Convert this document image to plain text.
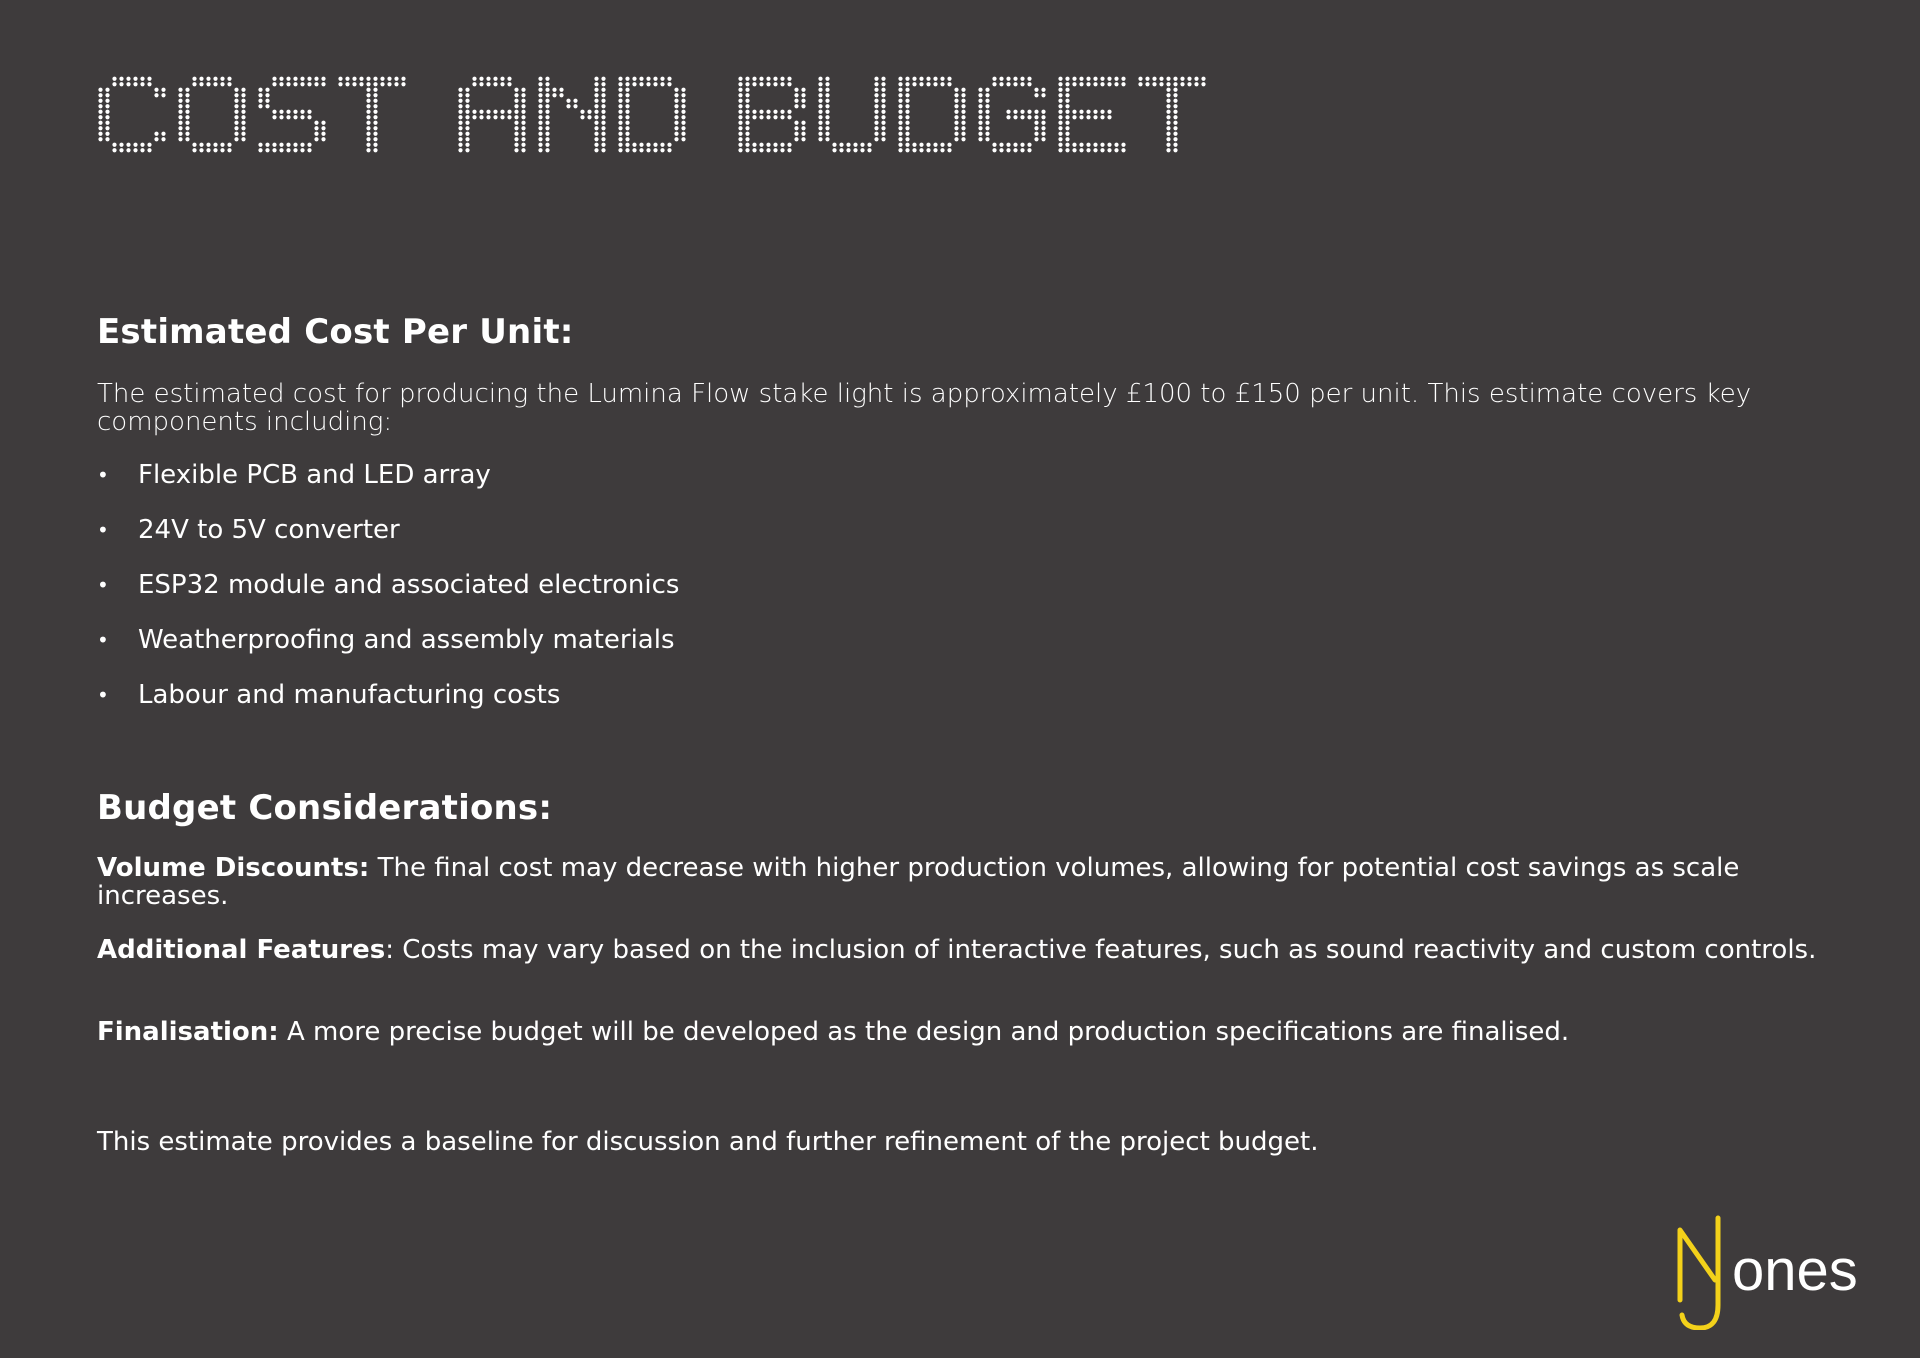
Estimated Cost Per Unit:

The estimated cost for producing the Lumina Flow stake light is approximately £100 to £150 per unit. This estimate covers key components including:

•	Flexible PCB and LED array
•	24V to 5V converter
•	ESP32 module and associated electronics
•	Weatherproofing and assembly materials
•	Labour and manufacturing costs
Budget Considerations:

Volume Discounts: The final cost may decrease with higher production volumes, allowing for potential cost savings as scale increases.

Additional Features: Costs may vary based on the inclusion of interactive features, such as sound reactivity and custom controls.

Finalisation: A more precise budget will be developed as the design and production specifications are finalised.

This estimate provides a baseline for discussion and further refinement of the project budget.

ones
